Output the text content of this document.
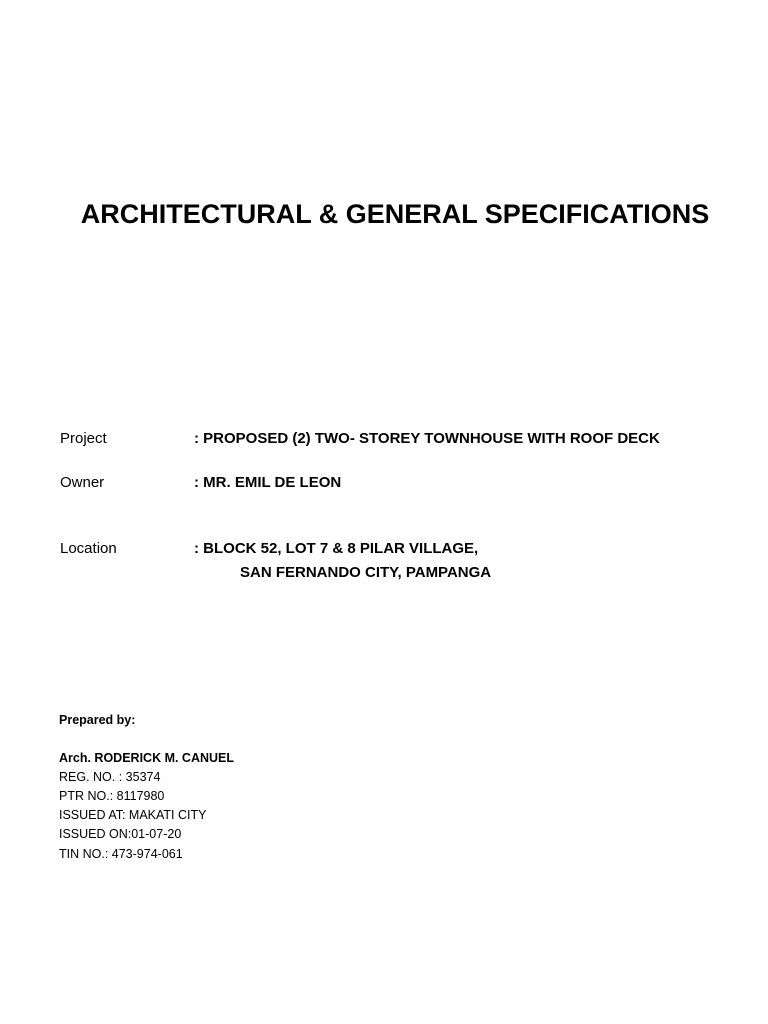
ARCHITECTURAL & GENERAL SPECIFICATIONS
Project	: PROPOSED (2) TWO- STOREY TOWNHOUSE WITH ROOF DECK
Owner	: MR. EMIL DE LEON
Location	: BLOCK 52, LOT 7 & 8 PILAR VILLAGE,
SAN FERNANDO CITY, PAMPANGA
Prepared by:
Arch. RODERICK M. CANUEL
REG. NO. : 35374
PTR NO.: 8117980
ISSUED AT: MAKATI CITY
ISSUED ON:01-07-20
TIN NO.: 473-974-061
